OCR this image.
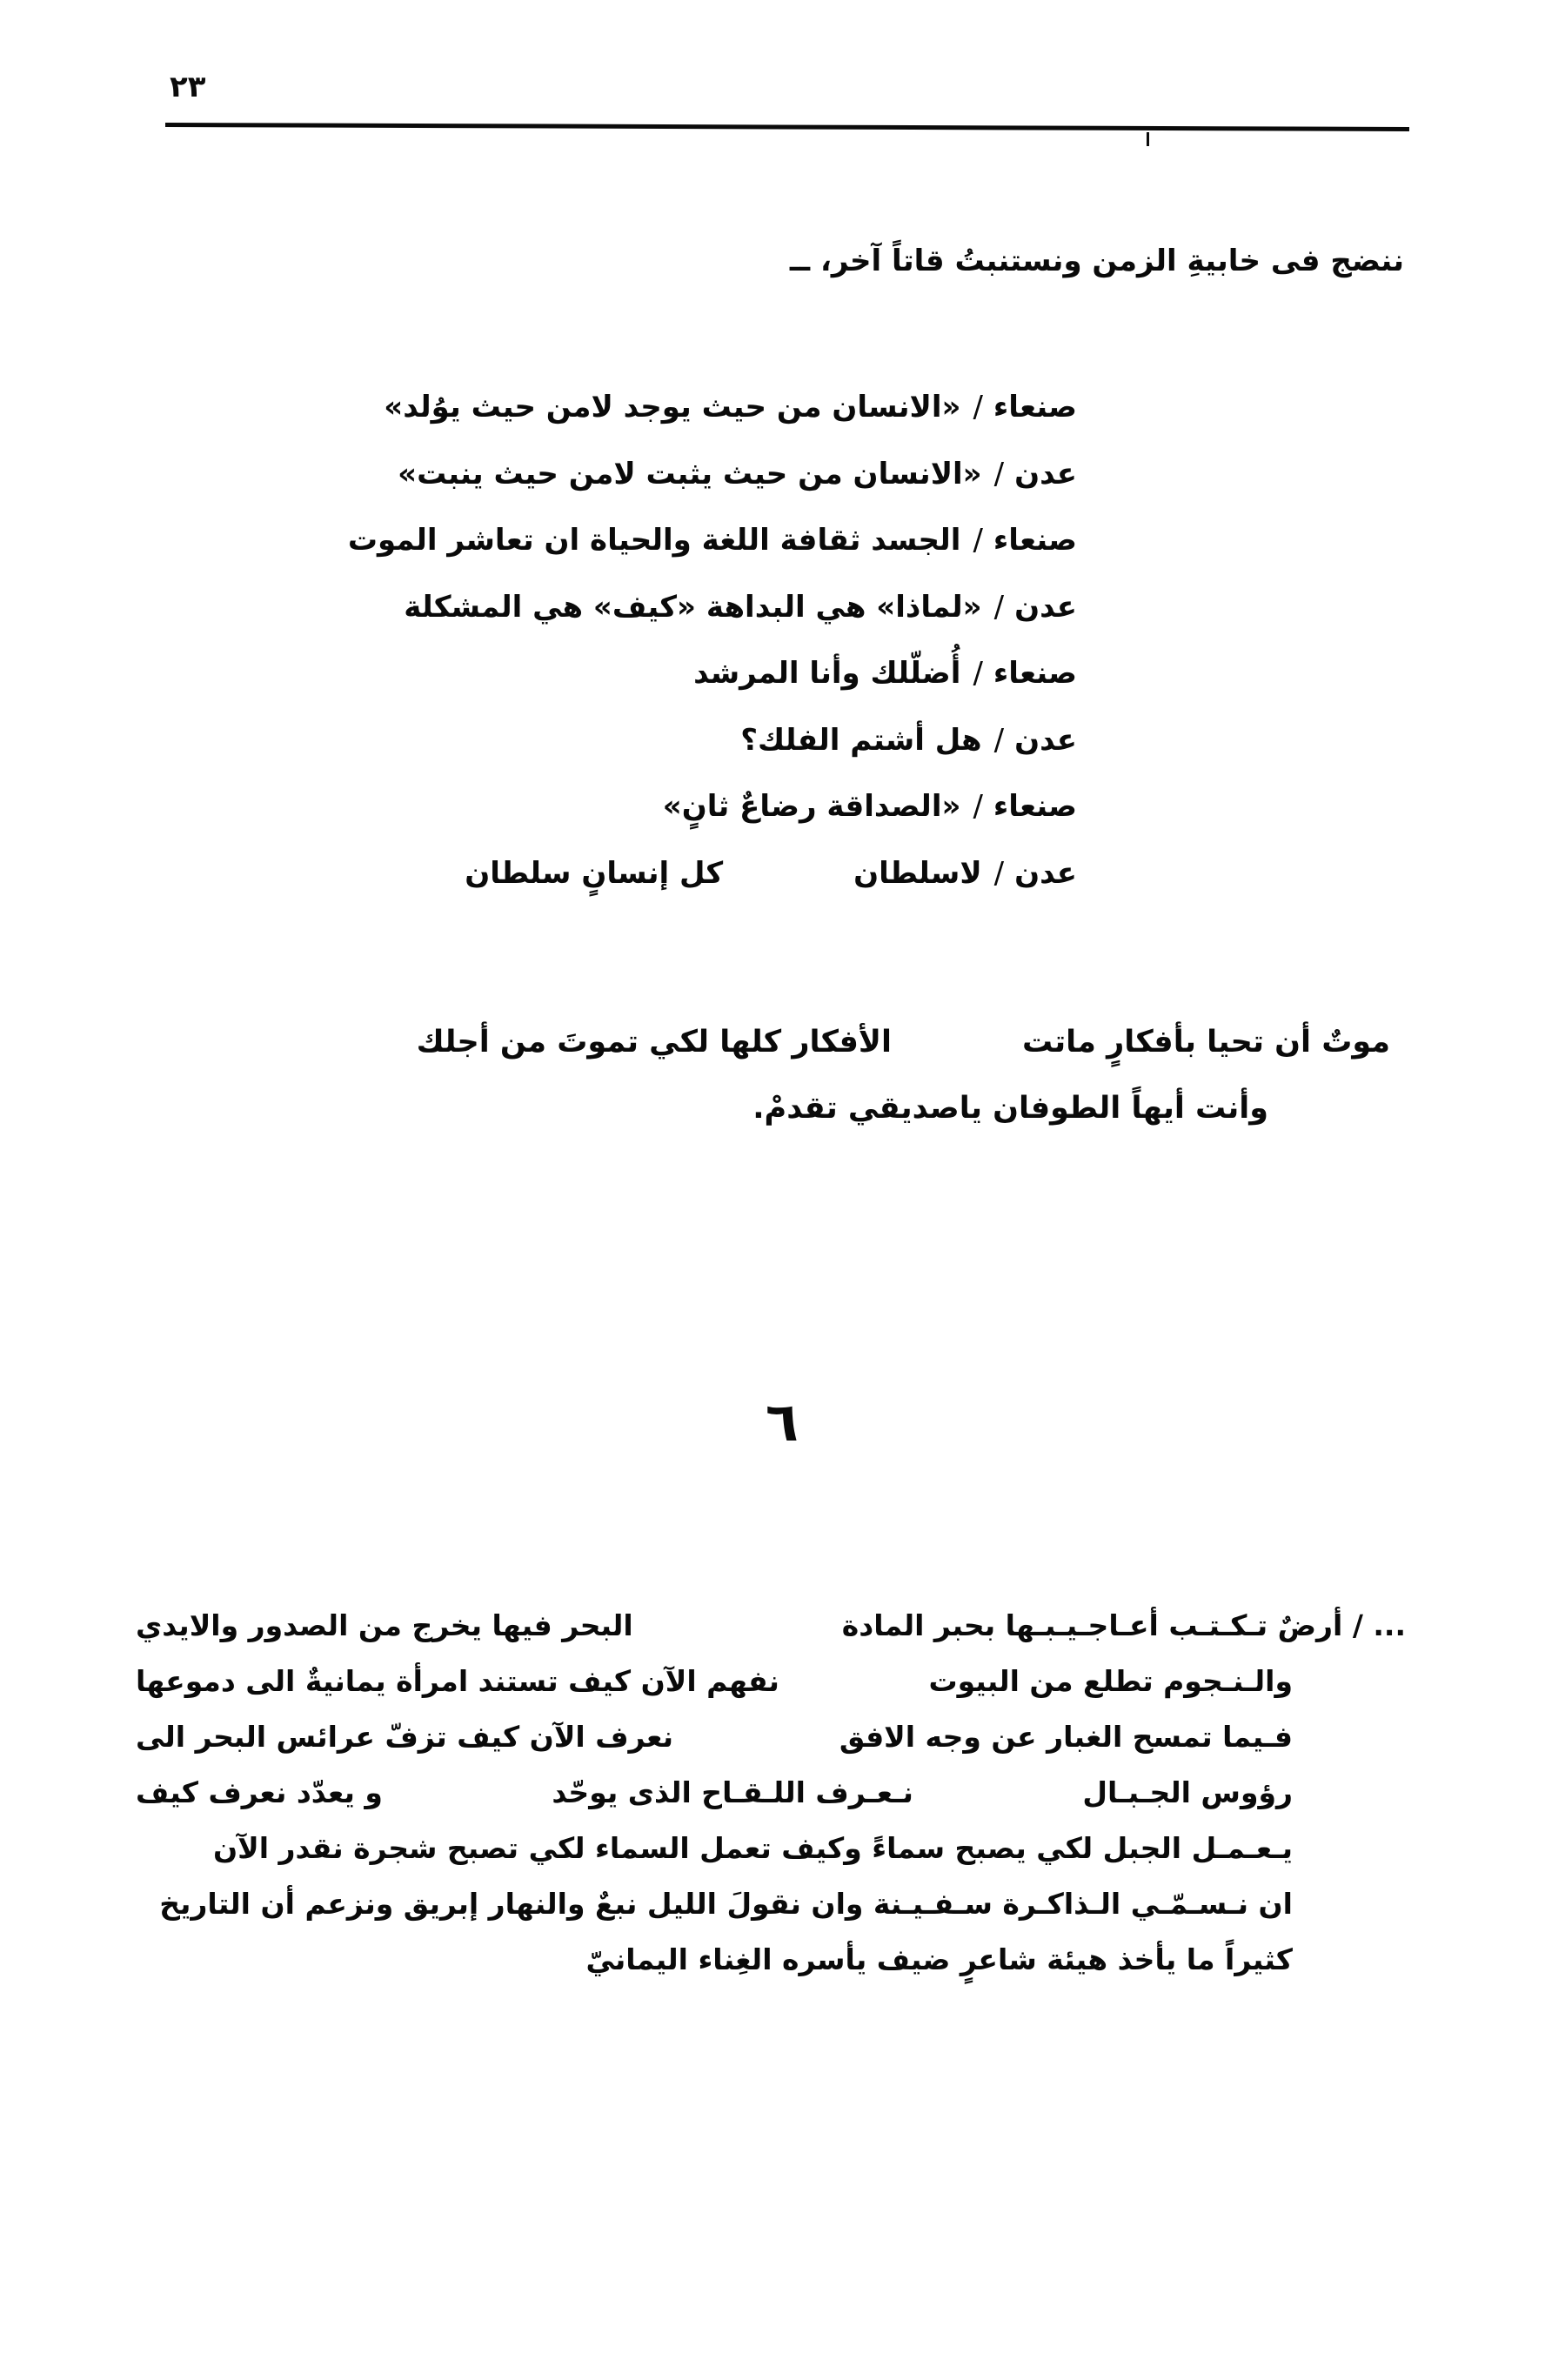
٢٣
ننضج فى خابيةِ الزمن ونستنبتُ قاتاً آخر، ــ
صنعاء
/
«الانسان من حيث يوجد لامن حيث يوُلد»
عدن
/
«الانسان من حيث يثبت لامن حيث ينبت»
صنعاء
/
الجسد ثقافة اللغة والحياة ان تعاشر الموت
عدن
/
«لماذا» هي البداهة «كيف» هي المشكلة
صنعاء
/
أُضلّلك وأنا المرشد
عدن
/
هل أشتم الفلك؟
صنعاء
/
«الصداقة رضاعٌ ثانٍ»
عدن
/
لاسلطان
كل إنسانٍ سلطان
موتٌ أن تحيا بأفكارٍ ماتت
الأفكار كلها لكي تموتَ من أجلك
وأنت أيهاً الطوفان ياصديقي تقدمْ.
٦
... / أرضٌ تـكـتـب أعـاجـيـبـها بحبر المادة
البحر فيها يخرج من الصدور والايدي
والـنـجوم تطلع من البيوت
نفهم الآن كيف تستند امرأة يمانيةٌ الى دموعها
فـيما تمسح الغبار عن وجه الافق
نعرف الآن كيف تزفّ عرائس البحر الى
رؤوس الجـبـال
نـعـرف اللـقـاح الذى يوحّد
و يعدّد نعرف كيف
يـعـمـل الجبل لكي يصبح سماءً وكيف تعمل السماء لكي تصبح شجرة نقدر الآن
ان نـسـمّـي الـذاكـرة سـفـيـنة وان نقولَ الليل نبعٌ والنهار إبريق ونزعم أن التاريخ
كثيراً ما يأخذ هيئة شاعرٍ ضيف يأسره الغِناء اليمانيّ
